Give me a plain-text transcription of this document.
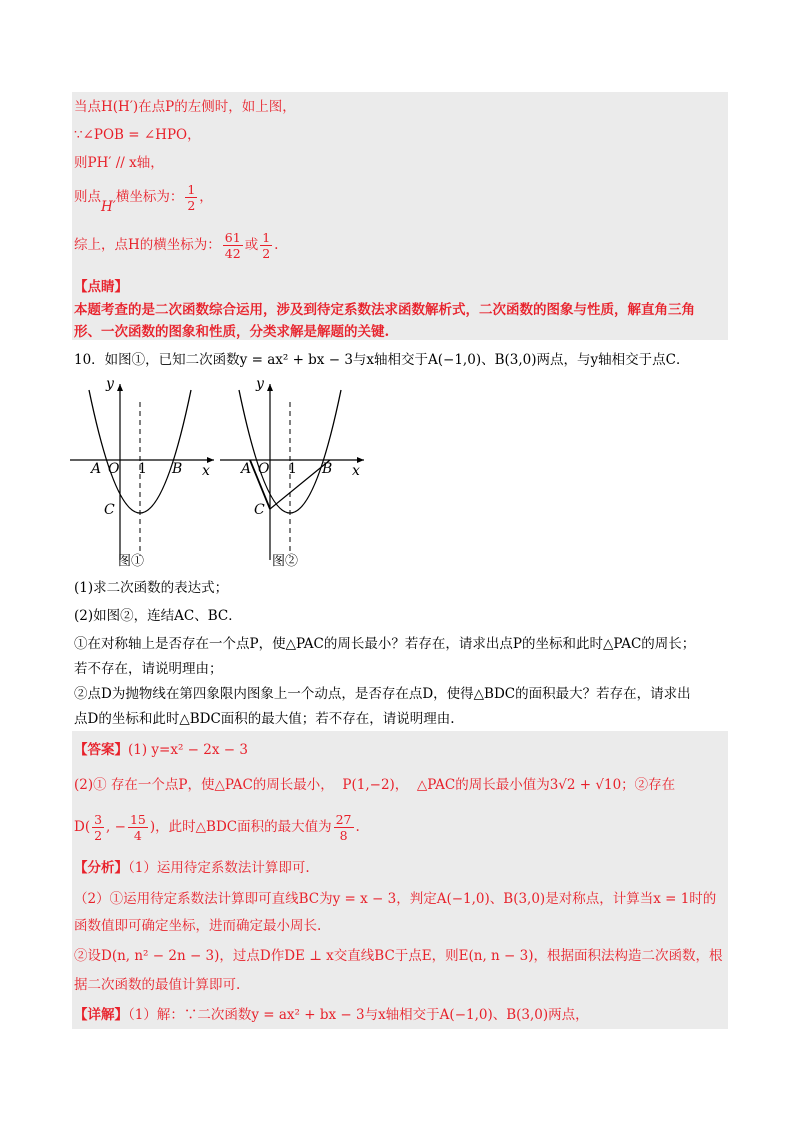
当点H(H′)在点P的左侧时，如上图，
∵∠POB = ∠HPO，
则PH′ // x轴，
则点H′横坐标为： $\frac{1}{2}$ ，
综上，点H的横坐标为： $\frac{61}{42}$ 或 $\frac{1}{2}$ .
【点睛】
本题考查的是二次函数综合运用，涉及到待定系数法求函数解析式，二次函数的图象与性质，解直角三角
形、一次函数的图象和性质，分类求解是解题的关键.
10．如图①，已知二次函数y = ax² + bx − 3与x轴相交于A(−1,0)、B(3,0)两点，与y轴相交于点C．
y
x
A O 1 B
C
y
x
A O 1 B
C
图①	图②
(1)求二次函数的表达式；
(2)如图②，连结AC、BC．
①在对称轴上是否存在一个点P，使△PAC的周长最小？若存在，请求出点P的坐标和此时△PAC的周长；
若不存在，请说明理由；
②点D为抛物线在第四象限内图象上一个动点，是否存在点D，使得△BDC的面积最大？若存在，请求出
点D的坐标和此时△BDC面积的最大值；若不存在，请说明理由.
【答案】(1) y=x² − 2x − 3
(2)① 存在一个点P，使△PAC的周长最小， P(1,−2)， △PAC的周长最小值为3√2 + √10；②存在
$D( \frac{3}{2}$ , − $\frac{15}{4}$ )，此时△BDC面积的最大值为 $\frac{27}{8}$ .
【分析】（1）运用待定系数法计算即可.
（2）①运用待定系数法计算即可直线BC为y = x − 3，判定A(−1,0)、B(3,0)是对称点，计算当x = 1时的
函数值即可确定坐标，进而确定最小周长.
②设D(n, n² − 2n − 3)，过点D作DE ⊥ x交直线BC于点E，则E(n, n − 3)，根据面积法构造二次函数，根
据二次函数的最值计算即可.
【详解】（1）解：∵二次函数y = ax² + bx − 3与x轴相交于A(−1,0)、B(3,0)两点，
